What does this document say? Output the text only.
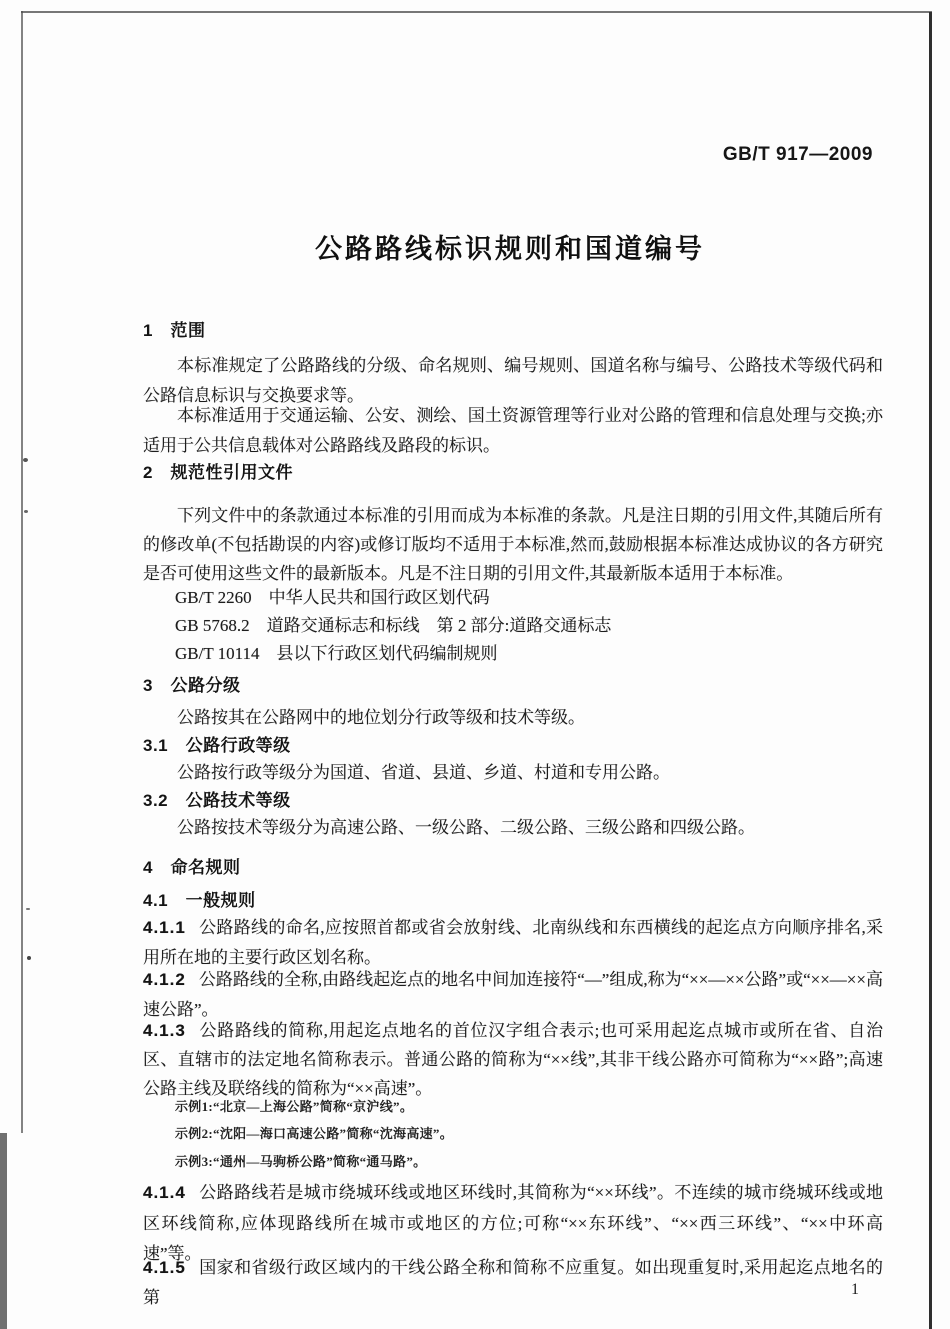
GB/T 917—2009
公路路线标识规则和国道编号
1　范围
本标准规定了公路路线的分级、命名规则、编号规则、国道名称与编号、公路技术等级代码和公路信息标识与交换要求等。
本标准适用于交通运输、公安、测绘、国土资源管理等行业对公路的管理和信息处理与交换;亦适用于公共信息载体对公路路线及路段的标识。
2　规范性引用文件
下列文件中的条款通过本标准的引用而成为本标准的条款。凡是注日期的引用文件,其随后所有的修改单(不包括勘误的内容)或修订版均不适用于本标准,然而,鼓励根据本标准达成协议的各方研究是否可使用这些文件的最新版本。凡是不注日期的引用文件,其最新版本适用于本标准。
GB/T 2260　中华人民共和国行政区划代码
GB 5768.2　道路交通标志和标线　第 2 部分:道路交通标志
GB/T 10114　县以下行政区划代码编制规则
3　公路分级
公路按其在公路网中的地位划分行政等级和技术等级。
3.1　公路行政等级
公路按行政等级分为国道、省道、县道、乡道、村道和专用公路。
3.2　公路技术等级
公路按技术等级分为高速公路、一级公路、二级公路、三级公路和四级公路。
4　命名规则
4.1　一般规则
4.1.1 公路路线的命名,应按照首都或省会放射线、北南纵线和东西横线的起迄点方向顺序排名,采用所在地的主要行政区划名称。
4.1.2 公路路线的全称,由路线起迄点的地名中间加连接符“—”组成,称为“××—××公路”或“××—××高速公路”。
4.1.3 公路路线的简称,用起迄点地名的首位汉字组合表示;也可采用起迄点城市或所在省、自治区、直辖市的法定地名简称表示。普通公路的简称为“××线”,其非干线公路亦可简称为“××路”;高速公路主线及联络线的简称为“××高速”。
示例1:“北京—上海公路”简称“京沪线”。
示例2:“沈阳—海口高速公路”简称“沈海高速”。
示例3:“通州—马驹桥公路”简称“通马路”。
4.1.4 公路路线若是城市绕城环线或地区环线时,其简称为“××环线”。不连续的城市绕城环线或地区环线简称,应体现路线所在城市或地区的方位;可称“××东环线”、“××西三环线”、“××中环高速”等。
4.1.5 国家和省级行政区域内的干线公路全称和简称不应重复。如出现重复时,采用起迄点地名的第	1
